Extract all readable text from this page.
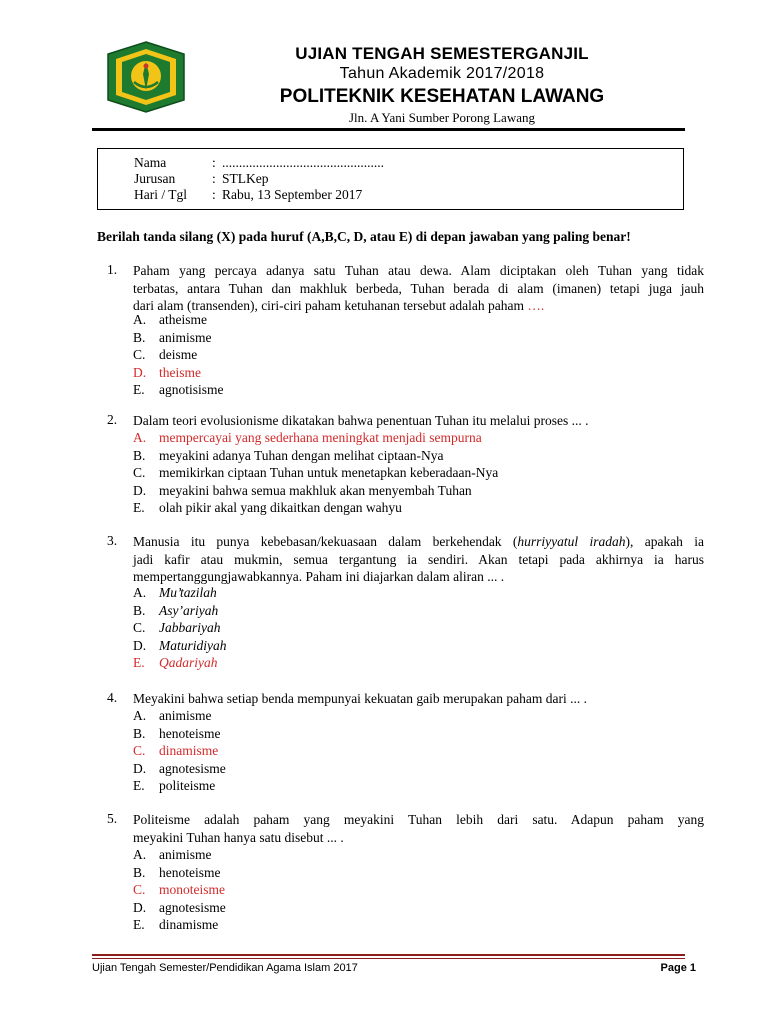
UJIAN TENGAH SEMESTERGANJIL
Tahun Akademik 2017/2018
POLITEKNIK KESEHATAN LAWANG
Jln. A Yani Sumber Porong Lawang
Nama	: ................................................
Jurusan	: STLKep
Hari / Tgl : Rabu, 13 September 2017
Berilah tanda silang (X) pada huruf (A,B,C, D, atau E) di depan jawaban yang paling benar!
1. Paham yang percaya adanya satu Tuhan atau dewa. Alam diciptakan oleh Tuhan yang tidak
terbatas, antara Tuhan dan makhluk berbeda, Tuhan berada di alam (imanen) tetapi juga jauh
dari alam (transenden), ciri-ciri paham ketuhanan tersebut adalah paham ….
A. atheisme
B. animisme
C. deisme
D. theisme
E. agnotisisme
2. Dalam teori evolusionisme dikatakan bahwa penentuan Tuhan itu melalui proses ... .
A. mempercayai yang sederhana meningkat menjadi sempurna
B. meyakini adanya Tuhan dengan melihat ciptaan-Nya
C. memikirkan ciptaan Tuhan untuk menetapkan keberadaan-Nya
D. meyakini bahwa semua makhluk akan menyembah Tuhan
E. olah pikir akal yang dikaitkan dengan wahyu
3. Manusia itu punya kebebasan/kekuasaan dalam berkehendak (hurriyyatul iradah), apakah ia
jadi kafir atau mukmin, semua tergantung ia sendiri. Akan tetapi pada akhirnya ia harus
mempertanggungjawabkannya. Paham ini diajarkan dalam aliran ... .
A. Mu’tazilah
B. Asy’ariyah
C. Jabbariyah
D. Maturidiyah
E. Qadariyah
4. Meyakini bahwa setiap benda mempunyai kekuatan gaib merupakan paham dari ... .
A. animisme
B. henoteisme
C. dinamisme
D. agnotesisme
E. politeisme
5. Politeisme adalah paham yang meyakini Tuhan lebih dari satu. Adapun paham yang
meyakini Tuhan hanya satu disebut ... .
A. animisme
B. henoteisme
C. monoteisme
D. agnotesisme
E. dinamisme
Ujian Tengah Semester/Pendidikan Agama Islam 2017	Page 1
